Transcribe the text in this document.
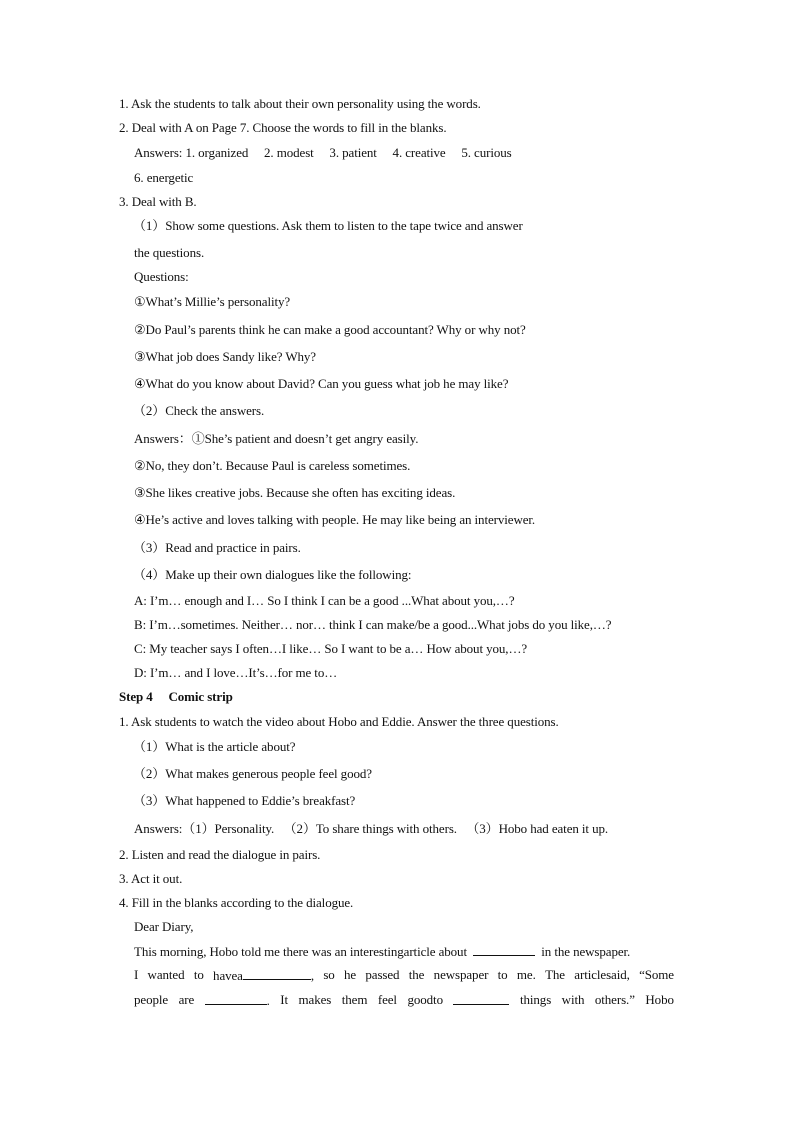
1. Ask the students to talk about their own personality using the words.
2. Deal with A on Page 7. Choose the words to fill in the blanks.
Answers: 1. organized     2. modest     3. patient     4. creative     5. curious
6. energetic
3. Deal with B.
（1）Show some questions. Ask them to listen to the tape twice and answer
the questions.
Questions:
①What’s Millie’s personality?
②Do Paul’s parents think he can make a good accountant? Why or why not?
③What job does Sandy like? Why?
④What do you know about David? Can you guess what job he may like?
（2）Check the answers.
Answers：①She’s patient and doesn’t get angry easily.
②No, they don’t. Because Paul is careless sometimes.
③She likes creative jobs. Because she often has exciting ideas.
④He’s active and loves talking with people. He may like being an interviewer.
（3）Read and practice in pairs.
（4）Make up their own dialogues like the following:
A: I’m… enough and I… So I think I can be a good ...What about you,…?
B: I’m…sometimes. Neither… nor… think I can make/be a good...What jobs do you like,…?
C: My teacher says I often…I like… So I want to be a… How about you,…?
D: I’m… and I love…It’s…for me to…
Step 4     Comic strip
1. Ask students to watch the video about Hobo and Eddie. Answer the three questions.
（1）What is the article about?
（2）What makes generous people feel good?
（3）What happened to Eddie’s breakfast?
Answers:（1）Personality.   （2）To share things with others.   （3）Hobo had eaten it up.
2. Listen and read the dialogue in pairs.
3. Act it out.
4. Fill in the blanks according to the dialogue.
Dear Diary,
This morning, Hobo told me there was an interestingarticle about	in the newspaper.
I wanted to havea	, so he passed the newspaper to me. The articlesaid, “Some
people are	. It makes them feel goodto	things with others.” Hobo
